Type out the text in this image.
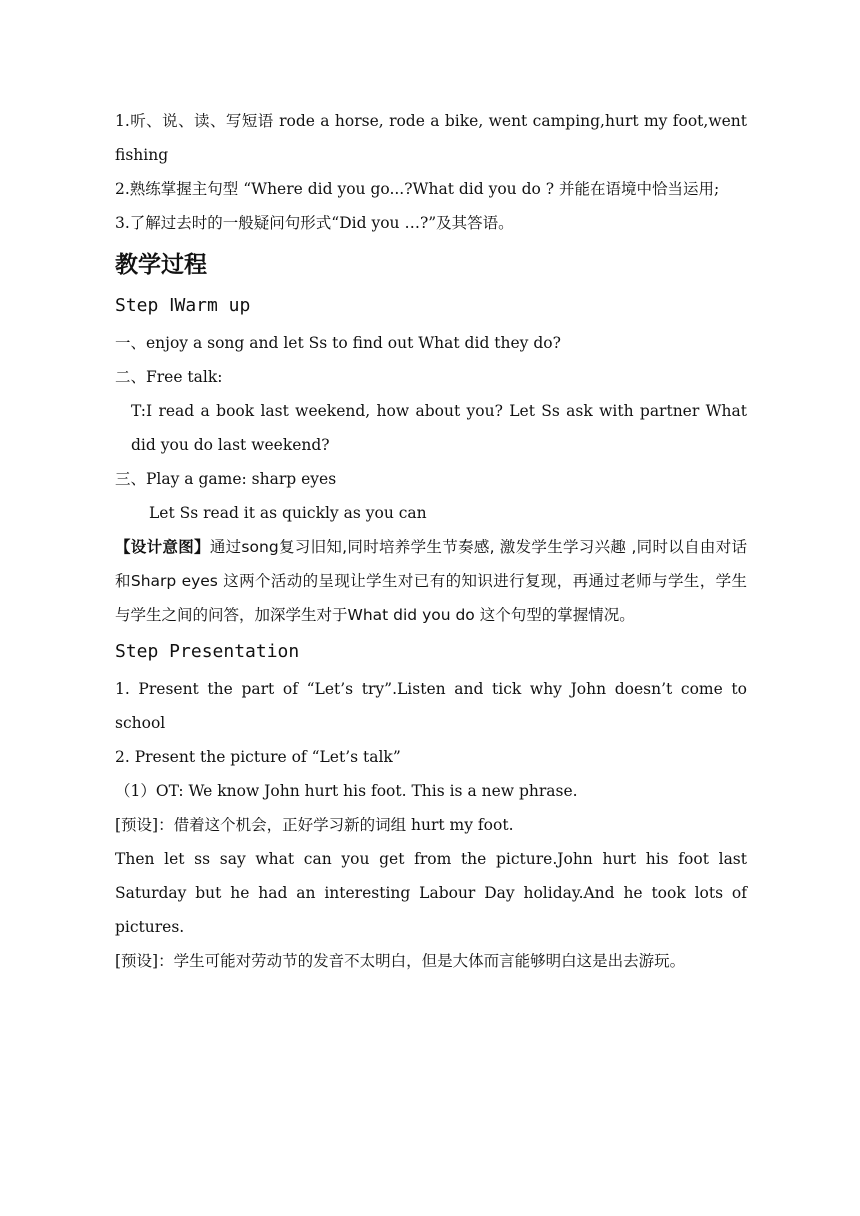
1.听、说、读、写短语 rode a horse, rode a bike, went camping,hurt my foot,went fishing

2.熟练掌握主句型 “Where did you go...?What did you do ? 并能在语境中恰当运用;

3.了解过去时的一般疑问句形式“Did you …?”及其答语。

教学过程
Step ⅠWarm up

一、enjoy a song and let Ss to find out What did they do?

二、Free talk:

T:I read a book last weekend, how about you? Let Ss ask with partner What did you do last weekend?

三、Play a game: sharp eyes

Let Ss read it as quickly as you can

【设计意图】通过song复习旧知,同时培养学生节奏感, 激发学生学习兴趣 ,同时以自由对话和Sharp eyes 这两个活动的呈现让学生对已有的知识进行复现，再通过老师与学生，学生与学生之间的问答，加深学生对于What did you do 这个句型的掌握情况。

Step Presentation

1. Present the part of “Let’s try”.Listen and tick why John doesn’t come to school

2. Present the picture of “Let’s talk”

（1）OT: We know John hurt his foot. This is a new phrase.

[预设]：借着这个机会，正好学习新的词组 hurt my foot.

Then let ss say what can you get from the picture.John hurt his foot last Saturday but he had an interesting Labour Day holiday.And he took lots of pictures.

[预设]：学生可能对劳动节的发音不太明白，但是大体而言能够明白这是出去游玩。
